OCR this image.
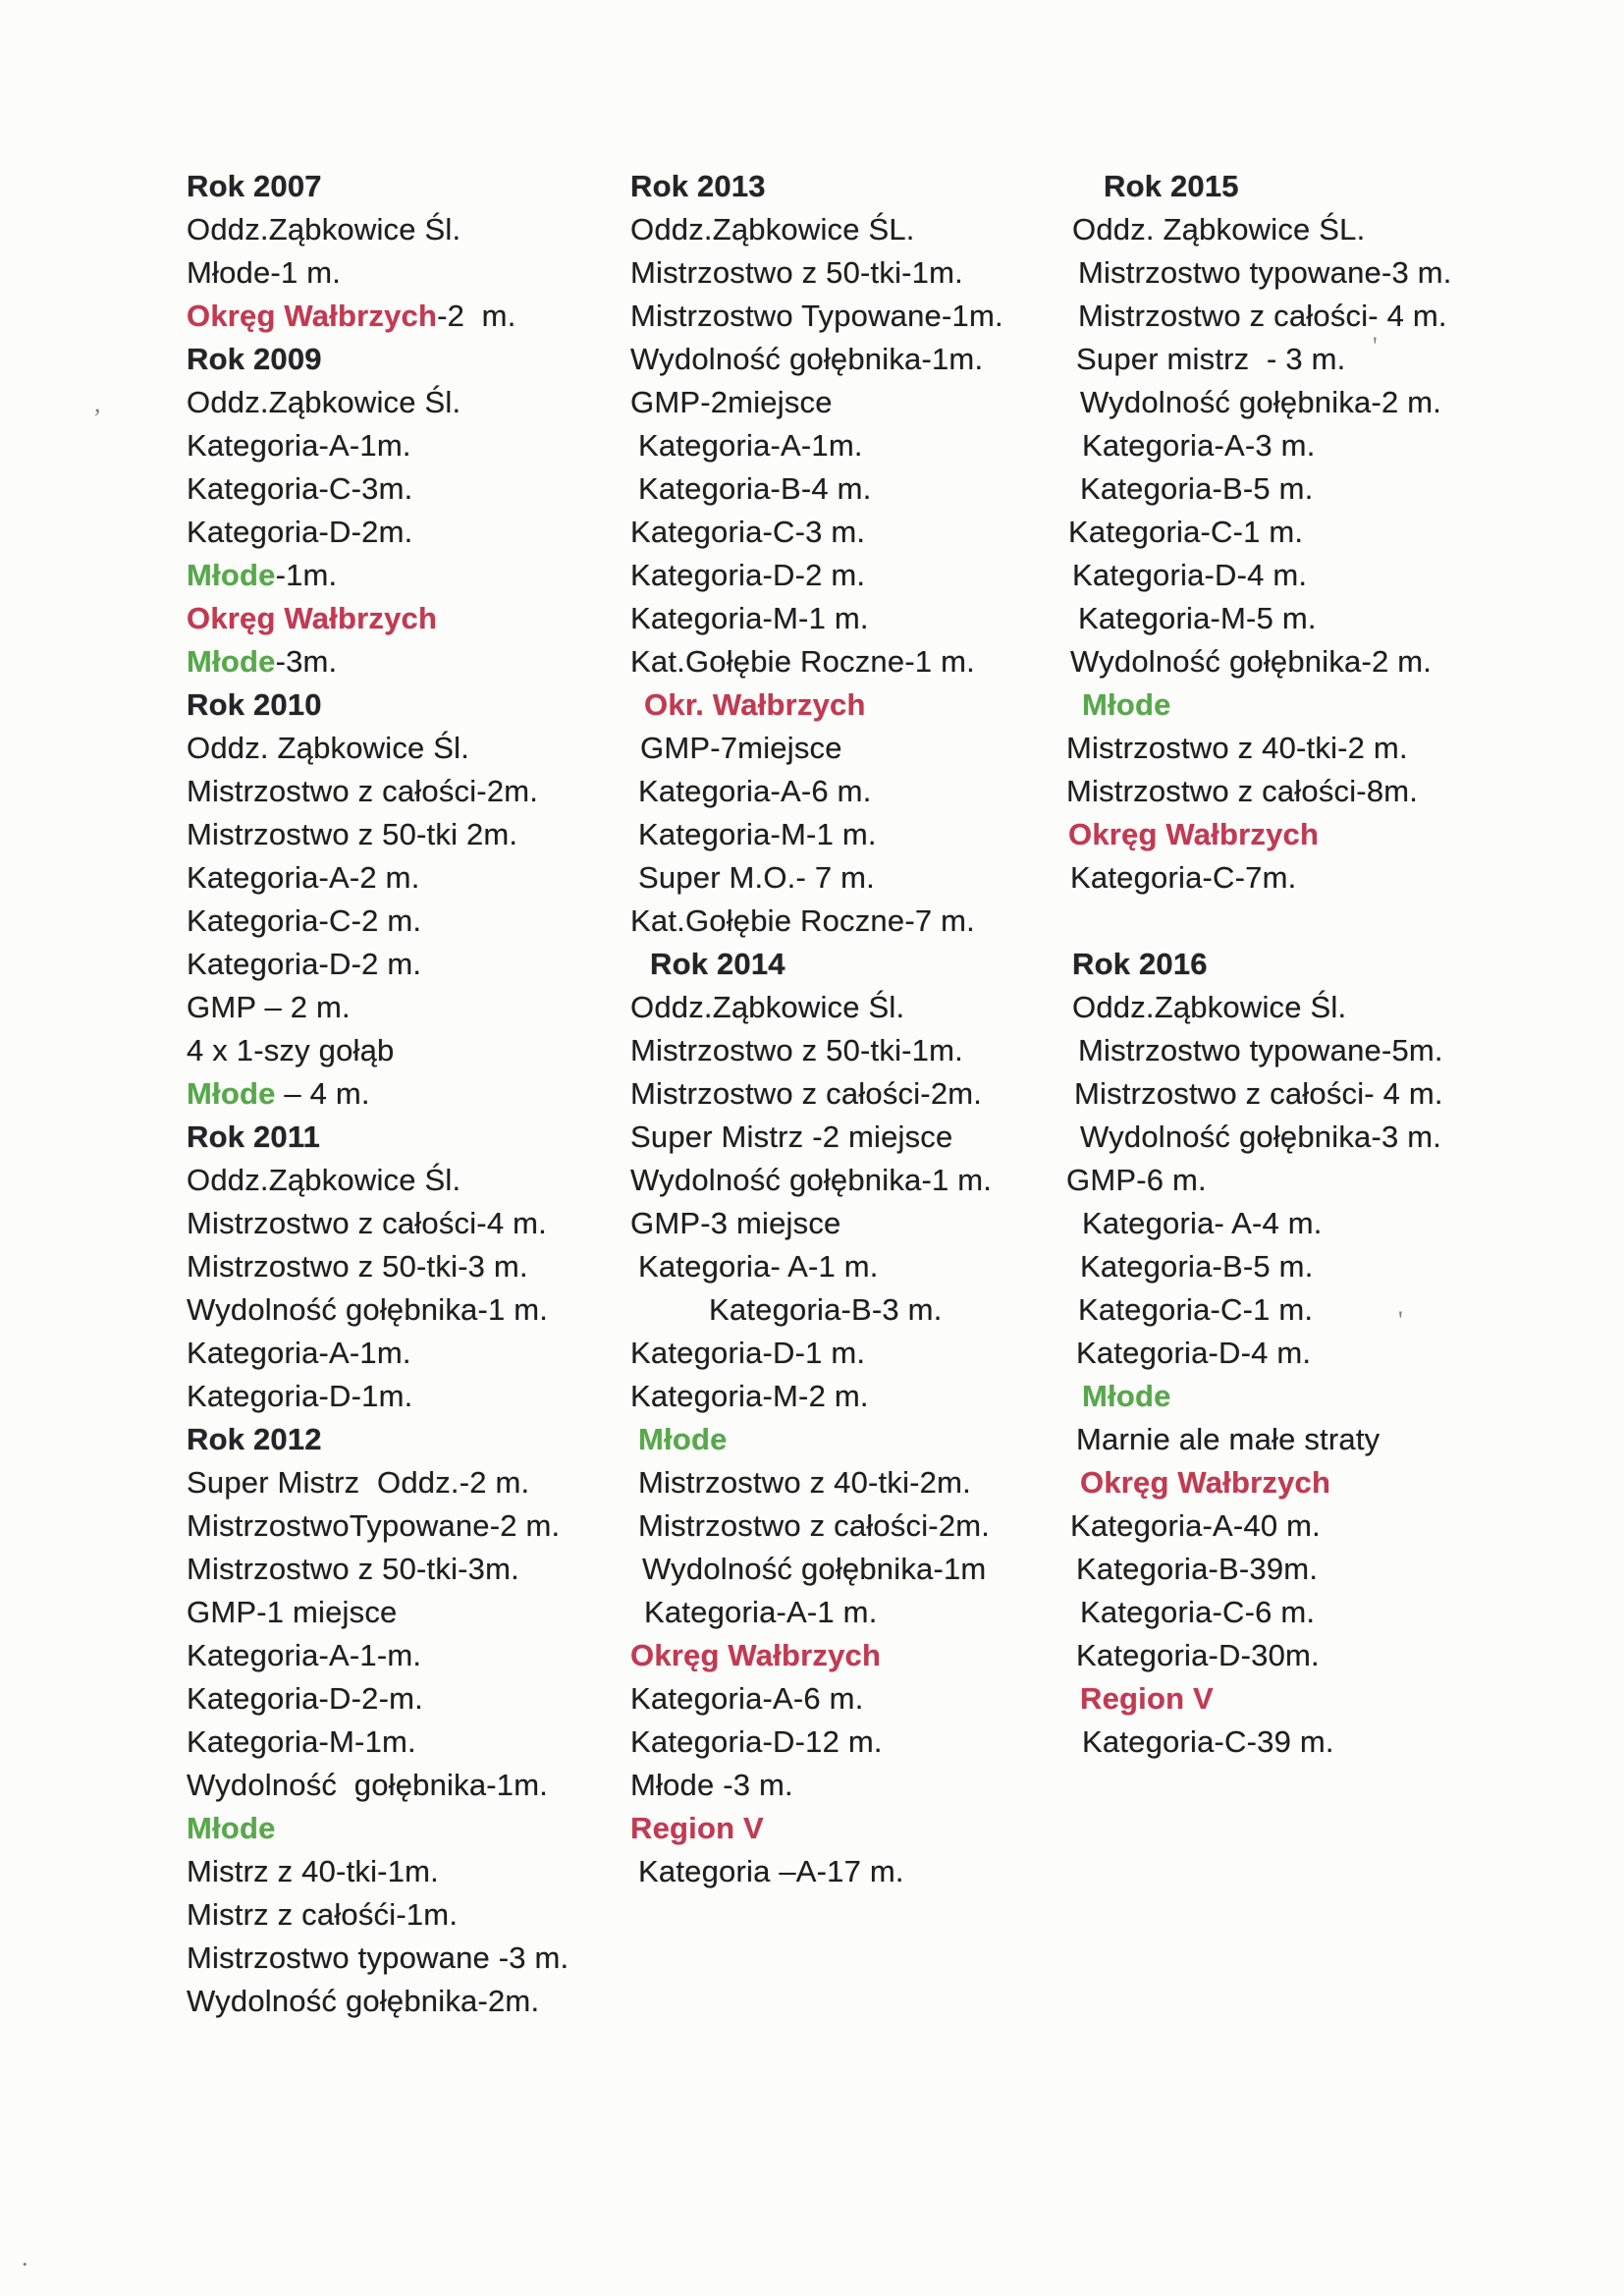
Rok 2007
Oddz.Ząbkowice Śl.
Młode-1 m.
Okręg Wałbrzych-2  m.
Rok 2009
Oddz.Ząbkowice Śl.
Kategoria-A-1m.
Kategoria-C-3m.
Kategoria-D-2m.
Młode-1m.
Okręg Wałbrzych
Młode-3m.
Rok 2010
Oddz. Ząbkowice Śl.
Mistrzostwo z całości-2m.
Mistrzostwo z 50-tki 2m.
Kategoria-A-2 m.
Kategoria-C-2 m.
Kategoria-D-2 m.
GMP – 2 m.
4 x 1-szy gołąb
Młode – 4 m.
Rok 2011
Oddz.Ząbkowice Śl.
Mistrzostwo z całości-4 m.
Mistrzostwo z 50-tki-3 m.
Wydolność gołębnika-1 m.
Kategoria-A-1m.
Kategoria-D-1m.
Rok 2012
Super Mistrz  Oddz.-2 m.
MistrzostwoTypowane-2 m.
Mistrzostwo z 50-tki-3m.
GMP-1 miejsce
Kategoria-A-1-m.
Kategoria-D-2-m.
Kategoria-M-1m.
Wydolność  gołębnika-1m.
Młode
Mistrz z 40-tki-1m.
Mistrz z całośći-1m.
Mistrzostwo typowane -3 m.
Wydolność gołębnika-2m.
Rok 2013
Oddz.Ząbkowice ŚL.
Mistrzostwo z 50-tki-1m.
Mistrzostwo Typowane-1m.
Wydolność gołębnika-1m.
GMP-2miejsce
Kategoria-A-1m.
Kategoria-B-4 m.
Kategoria-C-3 m.
Kategoria-D-2 m.
Kategoria-M-1 m.
Kat.Gołębie Roczne-1 m.
Okr. Wałbrzych
GMP-7miejsce
Kategoria-A-6 m.
Kategoria-M-1 m.
Super M.O.- 7 m.
Kat.Gołębie Roczne-7 m.
Rok 2014
Oddz.Ząbkowice Śl.
Mistrzostwo z 50-tki-1m.
Mistrzostwo z całości-2m.
Super Mistrz -2 miejsce
Wydolność gołębnika-1 m.
GMP-3 miejsce
Kategoria- A-1 m.
Kategoria-B-3 m.
Kategoria-D-1 m.
Kategoria-M-2 m.
Młode
Mistrzostwo z 40-tki-2m.
Mistrzostwo z całości-2m.
Wydolność gołębnika-1m
Kategoria-A-1 m.
Okręg Wałbrzych
Kategoria-A-6 m.
Kategoria-D-12 m.
Młode -3 m.
Region V
Kategoria –A-17 m.
Rok 2015
Oddz. Ząbkowice ŚL.
Mistrzostwo typowane-3 m.
Mistrzostwo z całości- 4 m.
Super mistrz  - 3 m.
Wydolność gołębnika-2 m.
Kategoria-A-3 m.
Kategoria-B-5 m.
Kategoria-C-1 m.
Kategoria-D-4 m.
Kategoria-M-5 m.
Wydolność gołębnika-2 m.
Młode
Mistrzostwo z 40-tki-2 m.
Mistrzostwo z całości-8m.
Okręg Wałbrzych
Kategoria-C-7m.
Rok 2016
Oddz.Ząbkowice Śl.
Mistrzostwo typowane-5m.
Mistrzostwo z całości- 4 m.
Wydolność gołębnika-3 m.
GMP-6 m.
Kategoria- A-4 m.
Kategoria-B-5 m.
Kategoria-C-1 m.
Kategoria-D-4 m.
Młode
Marnie ale małe straty
Okręg Wałbrzych
Kategoria-A-40 m.
Kategoria-B-39m.
Kategoria-C-6 m.
Kategoria-D-30m.
Region V
Kategoria-C-39 m.
,
'
'
.
